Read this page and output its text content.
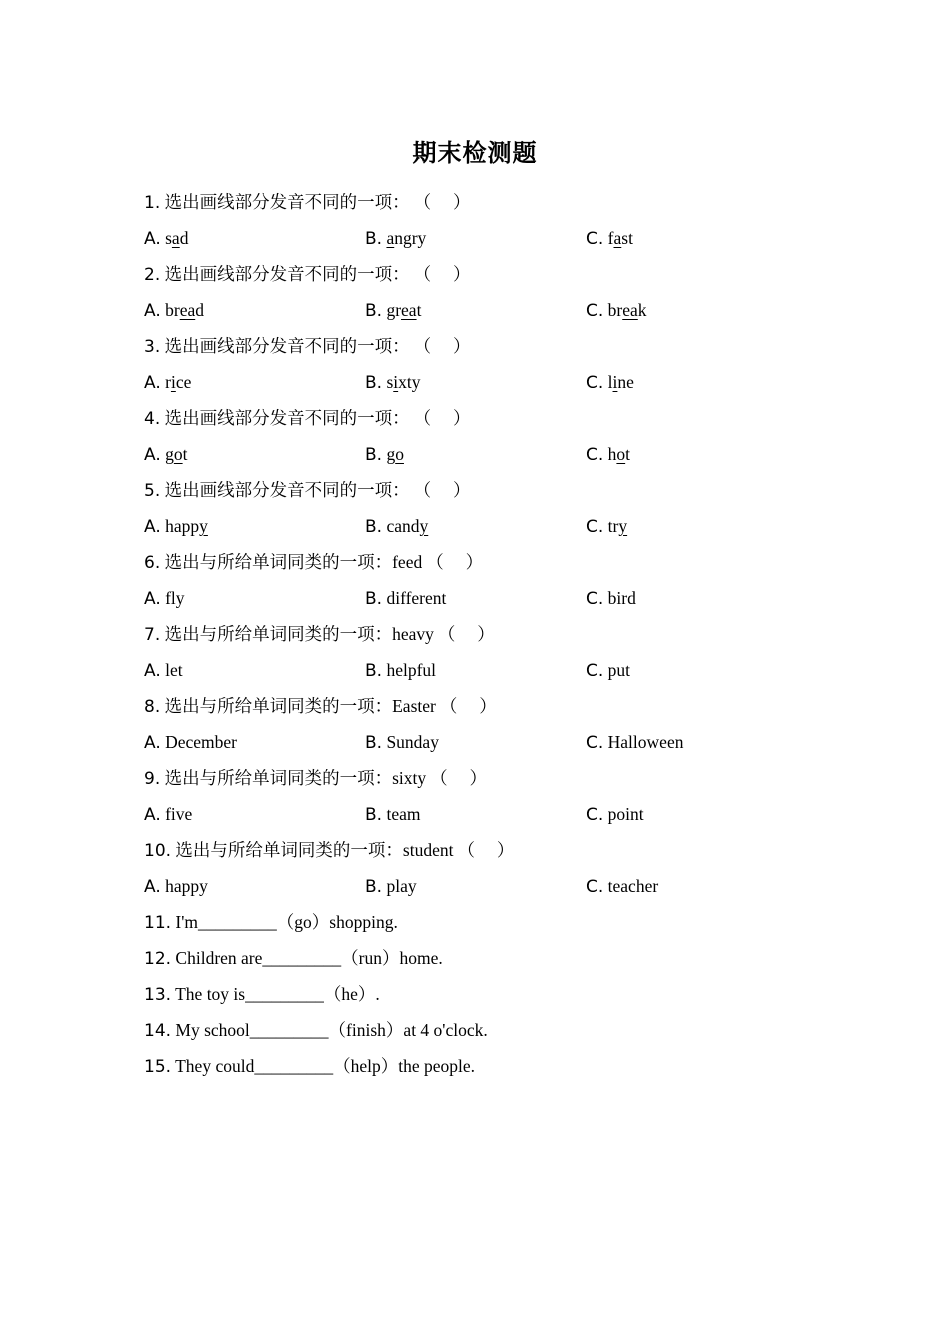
期末检测题
1. 选出画线部分发音不同的一项： （　 ）
A. sad	B. angry	C. fast
2. 选出画线部分发音不同的一项： （　 ）
A. bread	B. great	C. break
3. 选出画线部分发音不同的一项： （　 ）
A. rice	B. sixty	C. line
4. 选出画线部分发音不同的一项： （　 ）
A. got	B. go	C. hot
5. 选出画线部分发音不同的一项： （　 ）
A. happy	B. candy	C. try
6. 选出与所给单词同类的一项：feed （　 ）
A. fly	B. different	C. bird
7. 选出与所给单词同类的一项：heavy （　 ）
A. let	B. helpful	C. put
8. 选出与所给单词同类的一项：Easter （　 ）
A. December	B. Sunday	C. Halloween
9. 选出与所给单词同类的一项：sixty （　 ）
A. five	B. team	C. point
10. 选出与所给单词同类的一项：student （　 ）
A. happy	B. play	C. teacher
11. I'm_________（go）shopping.
12. Children are_________（run）home.
13. The toy is_________（he）.
14. My school_________（finish）at 4 o'clock.
15. They could_________（help）the people.
